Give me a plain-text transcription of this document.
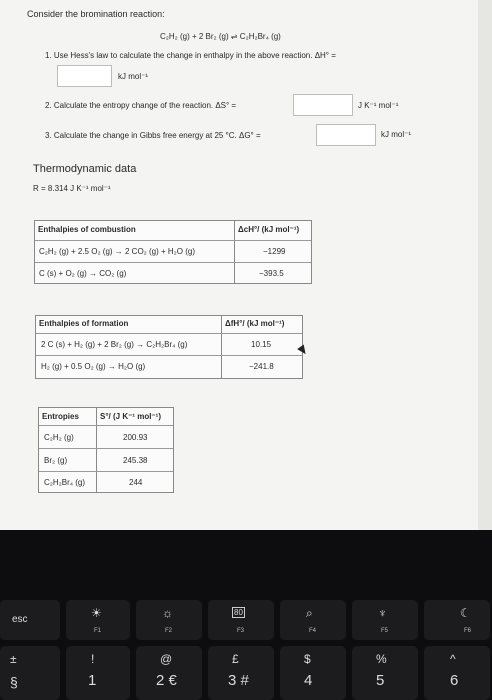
Consider the bromination reaction:
C₂H₂ (g) + 2 Br₂ (g) ⇌ C₂H₂Br₄ (g)
1. Use Hess's law to calculate the change in enthalpy in the above reaction. ΔH° =
kJ mol⁻¹
2. Calculate the entropy change of the reaction. ΔS° =	J K⁻¹ mol⁻¹
3. Calculate the change in Gibbs free energy at 25 °C. ΔG° =	kJ mol⁻¹
Thermodynamic data
R = 8.314 J K⁻¹ mol⁻¹
Enthalpies of combustion	ΔcH°/ (kJ mol⁻¹)
C₂H₂ (g) + 2.5 O₂ (g) → 2 CO₂ (g) + H₂O (g)	−1299
C (s) + O₂ (g) → CO₂ (g)	−393.5
Enthalpies of formation	ΔfH°/ (kJ mol⁻¹)
2 C (s) + H₂ (g) + 2 Br₂ (g) → C₂H₂Br₄ (g)	10.15
H₂ (g) + 0.5 O₂ (g) → H₂O (g)	−241.8
Entropies	S°/ (J K⁻¹ mol⁻¹)
C₂H₂ (g)	200.93
Br₂ (g)	245.38
C₂H₂Br₄ (g)	244
esc	☀
F1
☼
F2
80
F3
⌕
F4
♆
F5
☾
F6
±
§
!
1
@
2 €
£
3 #
$
4
%
5
^
6
